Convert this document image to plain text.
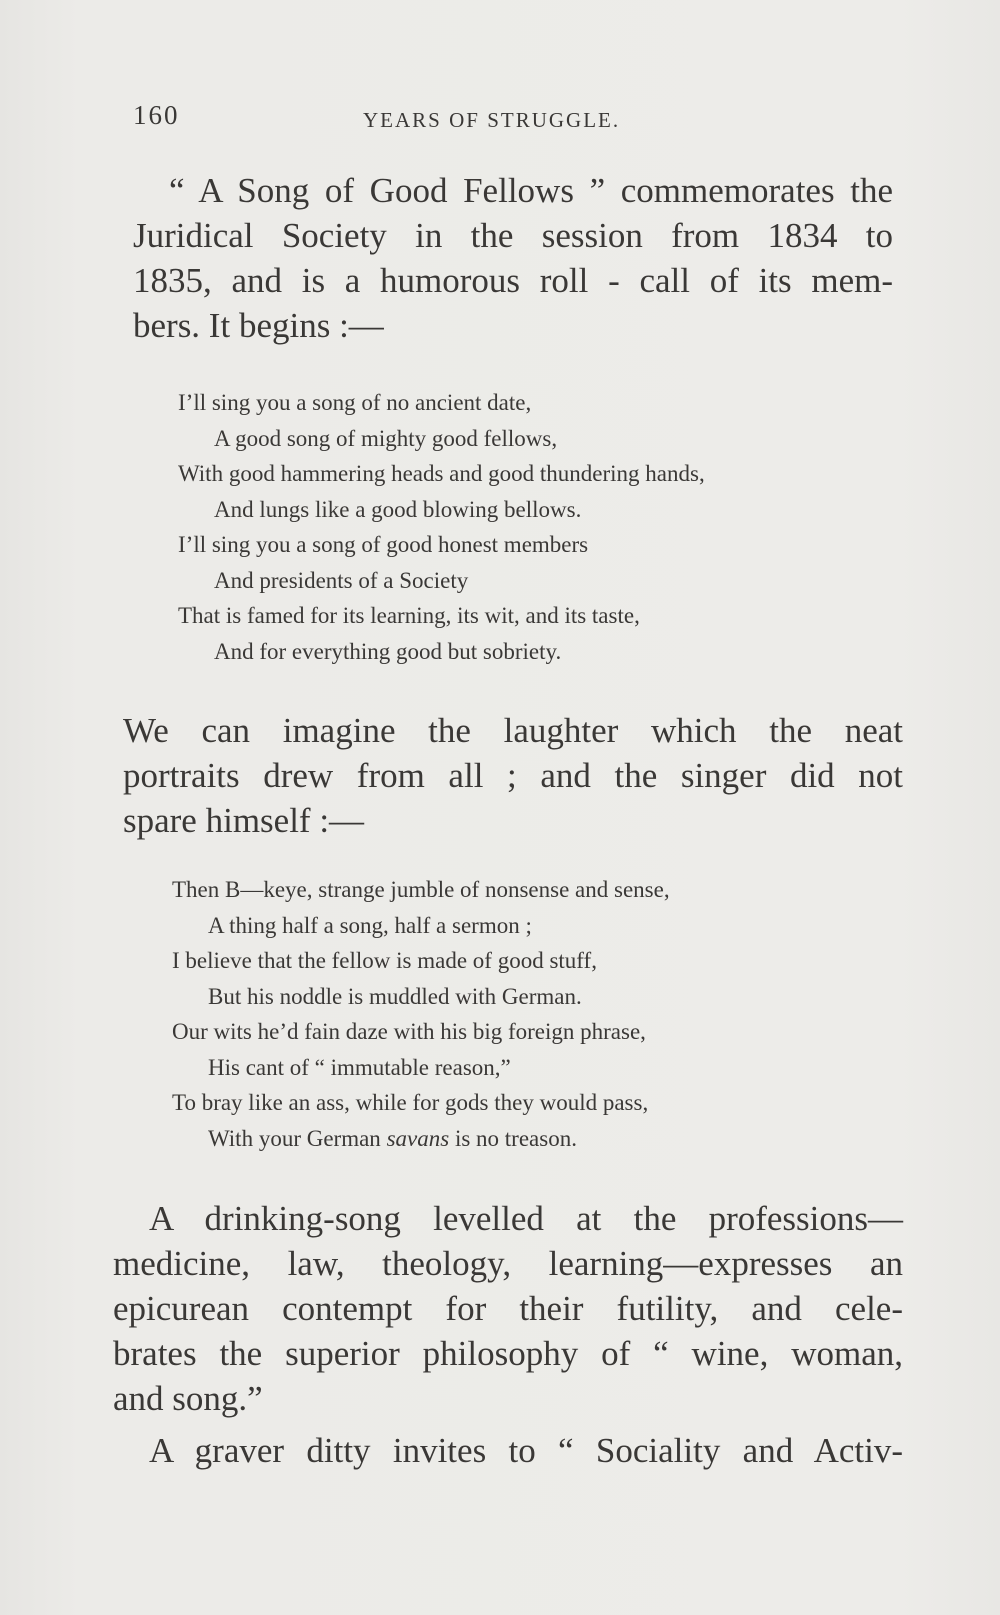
160	YEARS OF STRUGGLE.
“ A Song of Good Fellows ” commemorates the
Juridical Society in the session from 1834 to
1835, and is a humorous roll - call of its mem-
bers. It begins :—
I’ll sing you a song of no ancient date,
A good song of mighty good fellows,
With good hammering heads and good thundering hands,
And lungs like a good blowing bellows.
I’ll sing you a song of good honest members
And presidents of a Society
That is famed for its learning, its wit, and its taste,
And for everything good but sobriety.
We can imagine the laughter which the neat
portraits drew from all ; and the singer did not
spare himself :—
Then B—keye, strange jumble of nonsense and sense,
A thing half a song, half a sermon ;
I believe that the fellow is made of good stuff,
But his noddle is muddled with German.
Our wits he’d fain daze with his big foreign phrase,
His cant of “ immutable reason,”
To bray like an ass, while for gods they would pass,
With your German savans is no treason.
A drinking-song levelled at the professions—
medicine, law, theology, learning—expresses an
epicurean contempt for their futility, and cele-
brates the superior philosophy of “ wine, woman,
and song.”
A graver ditty invites to “ Sociality and Activ-
